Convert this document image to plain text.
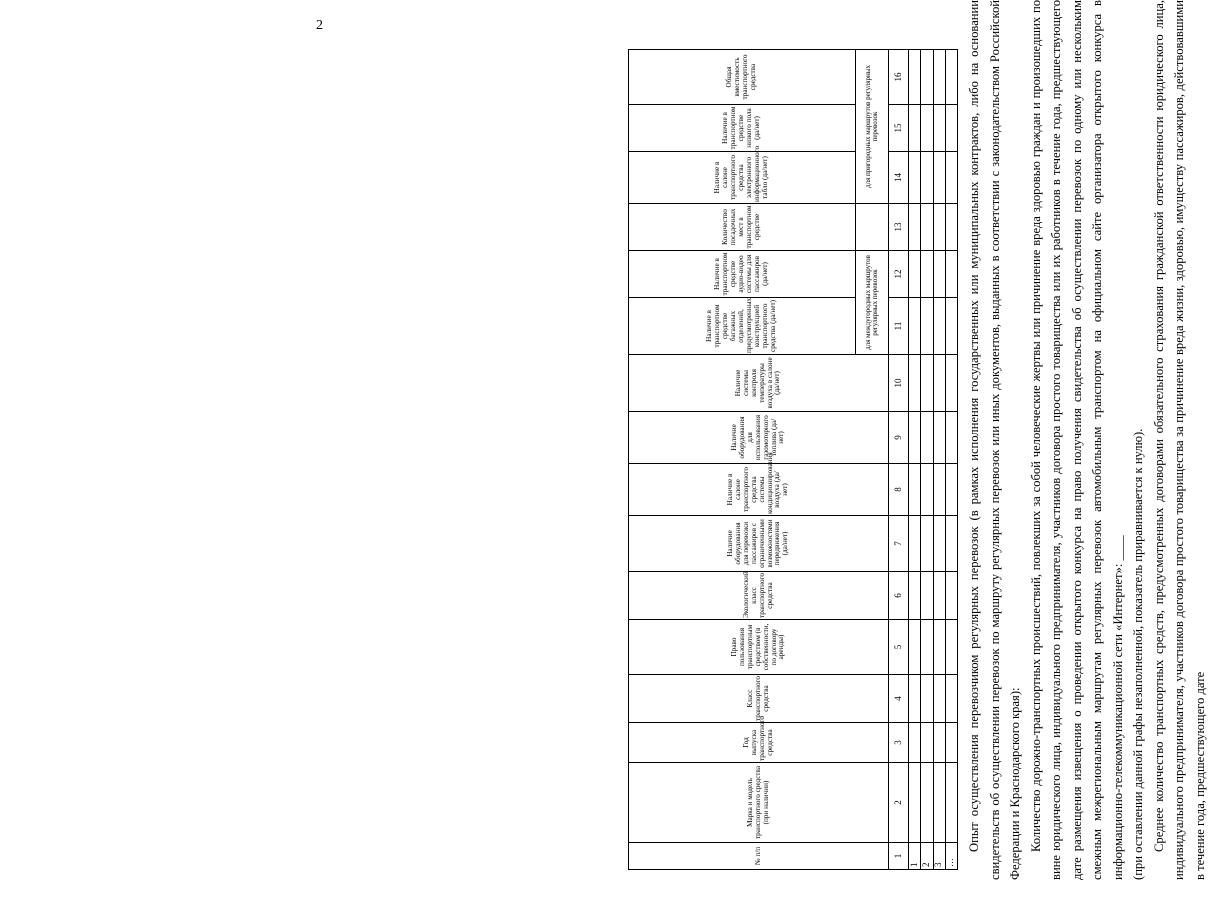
2
№ п/п	Марка и модель транспортного средства (при наличии)	Год выпуска транспортного средства	Класс транспортного средства	Право пользования транспортным средством (в собственности, по договору аренды)	Экологический класс транспортного средства	Наличие оборудования для перевозки пассажиров с ограниченными возможностями передвижения (да/нет)	Наличие в салоне транспортного средства системы кондиционирования воздуха (да/нет)	Наличие оборудования для использования газомоторного топлива (да/нет)	Наличие системы контроля температуры воздуха в салоне (да/нет)	Наличие в транспортном средстве багажных отделений, предусмотренных конструкцией транспортного средства (да/нет)	Наличие в транспортном средстве аудио-видео системы для пассажиров (да/нет)	Количество посадочных мест в транспортном средстве	Наличие в салоне транспортного средства электронного информационного табло (да/нет)	Наличие в транспортном средстве низкого пола (да/нет)	Общая вместимость транспортного средства
										для междугородных маршрутов регулярных перевозок			для пригородных маршрутов регулярных перевозок		
1	2	3	4	5	6	7	8	9	10	11	12	13	14	15	16
1															
2															
3															
…															

Опыт осуществления перевозчиком регулярных перевозок (в рамках исполнения государственных или муниципальных контрактов, либо на основании свидетельств об осуществлении перевозок по маршруту регулярных перевозок или иных документов, выданных в соответствии с законодательством Российской Федерации и Краснодарского края): Количество дорожно-транспортных происшествий, повлекших за собой человеческие жертвы или причинение вреда здоровью граждан и произошедших по вине юридического лица, индивидуального предпринимателя, участников договора простого товарищества или их работников в течение года, предшествующего дате размещения извещения о проведении открытого конкурса на право получения свидетельства об осуществлении перевозок по одному или нескольким смежным межрегиональным маршрутам регулярных перевозок автомобильным транспортом на официальном сайте организатора открытого конкурса в информационно-телекоммуникационной сети «Интернет»: ____ (при оставлении данной графы незаполненной, показатель приравнивается к нулю). Среднее количество транспортных средств, предусмотренных договорами обязательного страхования гражданской ответственности юридического лица, индивидуального предпринимателя, участников договора простого товарищества за причинение вреда жизни, здоровью, имуществу пассажиров, действовавшими в течение года, предшествующего дате
